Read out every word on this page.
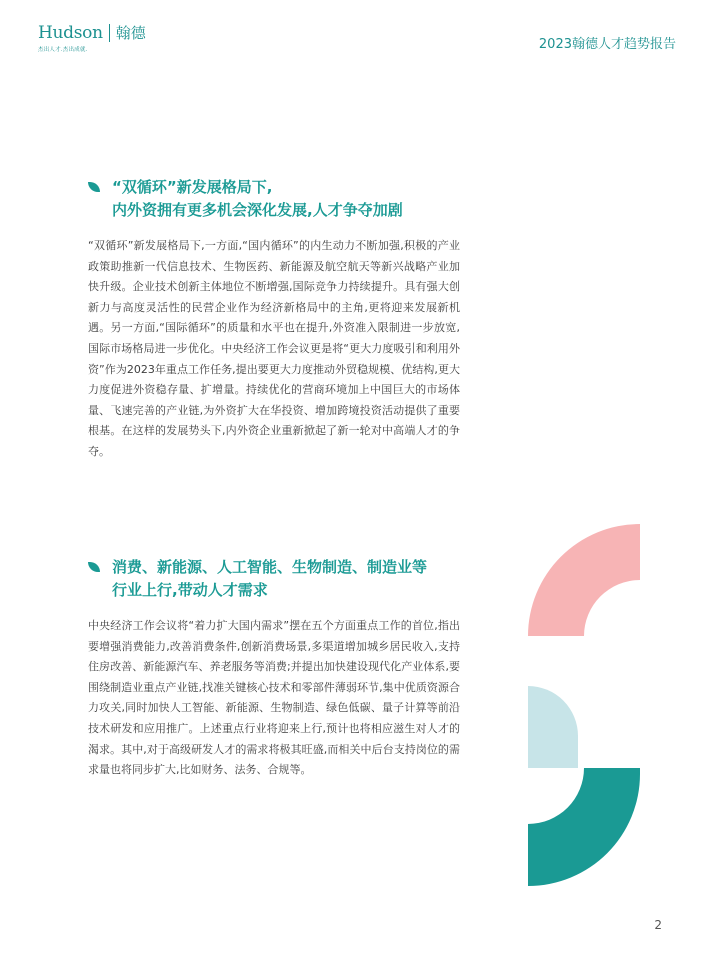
Hudson 翰德
杰出人才.杰出成就.	2023翰德人才趋势报告
“双循环”新发展格局下,
内外资拥有更多机会深化发展,人才争夺加剧

“双循环”新发展格局下,一方面,“国内循环”的内生动力不断加强,积极的产业政策助推新一代信息技术、生物医药、新能源及航空航天等新兴战略产业加快升级。企业技术创新主体地位不断增强,国际竞争力持续提升。具有强大创新力与高度灵活性的民营企业作为经济新格局中的主角,更将迎来发展新机遇。另一方面,“国际循环”的质量和水平也在提升,外资准入限制进一步放宽,国际市场格局进一步优化。中央经济工作会议更是将“更大力度吸引和利用外资”作为2023年重点工作任务,提出要更大力度推动外贸稳规模、优结构,更大力度促进外资稳存量、扩增量。持续优化的营商环境加上中国巨大的市场体量、飞速完善的产业链,为外资扩大在华投资、增加跨境投资活动提供了重要根基。在这样的发展势头下,内外资企业重新掀起了新一轮对中高端人才的争夺。

消费、新能源、人工智能、生物制造、制造业等
行业上行,带动人才需求

中央经济工作会议将“着力扩大国内需求”摆在五个方面重点工作的首位,指出要增强消费能力,改善消费条件,创新消费场景,多渠道增加城乡居民收入,支持住房改善、新能源汽车、养老服务等消费;并提出加快建设现代化产业体系,要围绕制造业重点产业链,找准关键核心技术和零部件薄弱环节,集中优质资源合力攻关,同时加快人工智能、新能源、生物制造、绿色低碳、量子计算等前沿技术研发和应用推广。上述重点行业将迎来上行,预计也将相应滋生对人才的渴求。其中,对于高级研发人才的需求将极其旺盛,而相关中后台支持岗位的需求量也将同步扩大,比如财务、法务、合规等。

2
